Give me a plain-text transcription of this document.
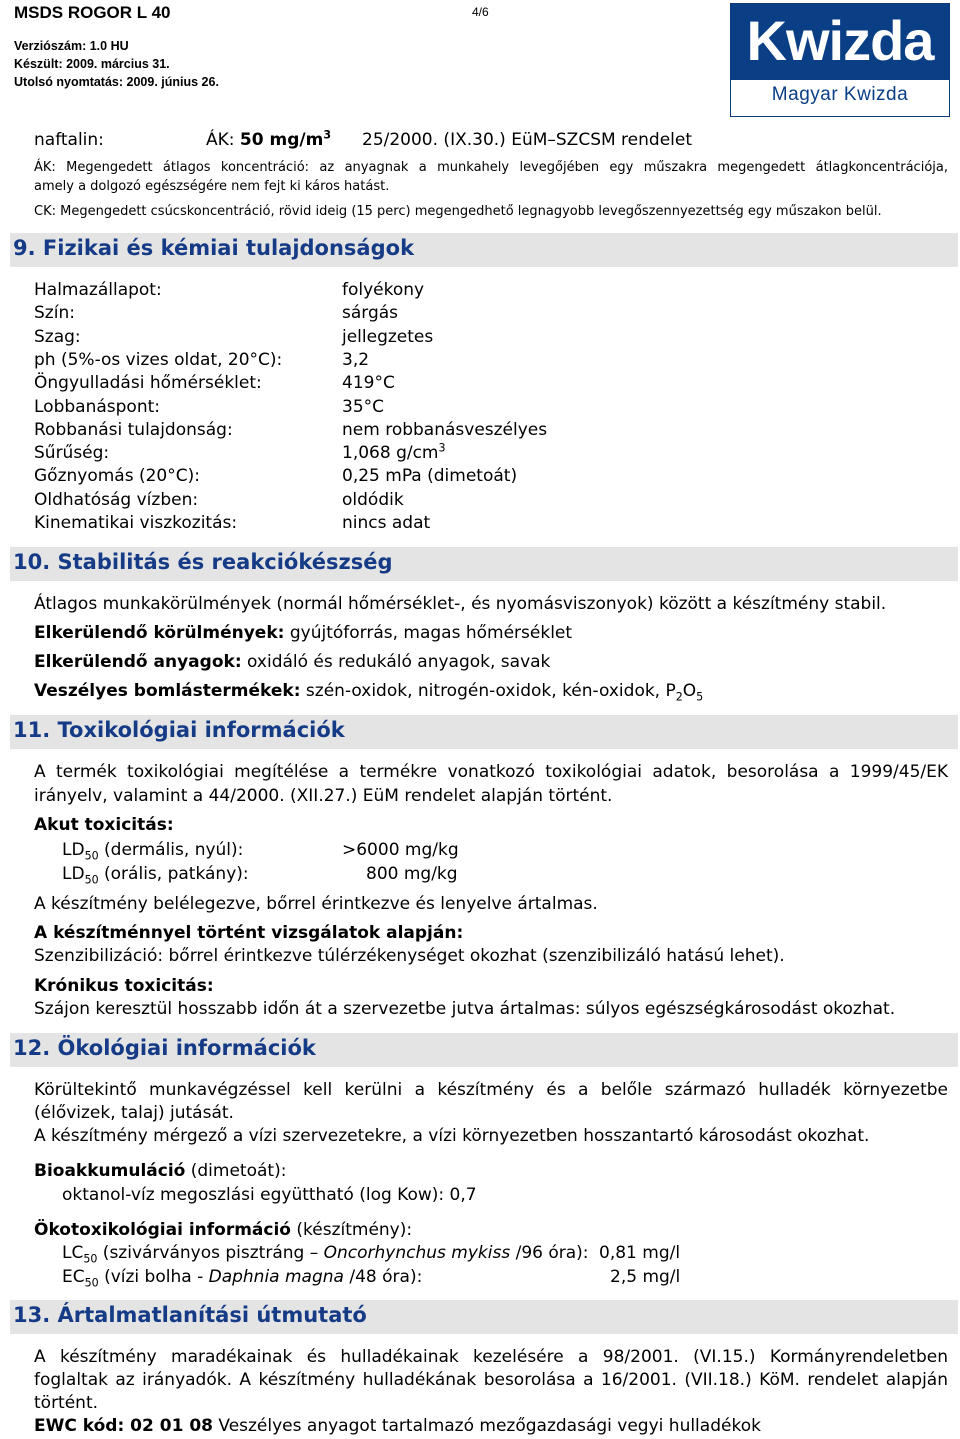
MSDS ROGOR L 40	4/6
Verziószám: 1.0 HU
Készült: 2009. március 31.
Utolsó nyomtatás: 2009. június 26.
Kwizda
Magyar Kwizda
naftalin:	ÁK: 50 $mg/m^3$ 25/2000. (IX.30.) EüM–SZCSM rendelet
ÁK: Megengedett átlagos koncentráció: az anyagnak a munkahely levegőjében egy műszakra megengedett átlagkoncentrációja,
amely a dolgozó egészségére nem fejt ki káros hatást.
CK: Megengedett csúcskoncentráció, rövid ideig (15 perc) megengedhető legnagyobb levegőszennyezettség egy műszakon belül.
9. Fizikai és kémiai tulajdonságok
Halmazállapot:	folyékony
Szín:	sárgás
Szag:	jellegzetes
ph (5%-os vizes oldat, 20°C):	3,2
Öngyulladási hőmérséklet:	419°C
Lobbanáspont:	35°C
Robbanási tulajdonság:	nem robbanásveszélyes
Sűrűség:	1,068 $g/cm^3$
Gőznyomás (20°C):	0,25 mPa (dimetoát)
Oldhatóság vízben:	oldódik
Kinematikai viszkozitás:	nincs adat
10. Stabilitás és reakciókészség
Átlagos munkakörülmények (normál hőmérséklet-, és nyomásviszonyok) között a készítmény stabil.
Elkerülendő körülmények: gyújtóforrás, magas hőmérséklet
Elkerülendő anyagok: oxidáló és redukáló anyagok, savak
Veszélyes bomlástermékek: szén-oxidok, nitrogén-oxidok, kén-oxidok, $P_2O_5$
11. Toxikológiai információk
A termék toxikológiai megítélése a termékre vonatkozó toxikológiai adatok, besorolása a 1999/45/EK
irányelv, valamint a 44/2000. (XII.27.) EüM rendelet alapján történt.
Akut toxicitás:
$LD_{50}$ (dermális, nyúl):	>6000 mg/kg
$LD_{50}$ (orális, patkány):	800 mg/kg
A készítmény belélegezve, bőrrel érintkezve és lenyelve ártalmas.
A készítménnyel történt vizsgálatok alapján:
Szenzibilizáció: bőrrel érintkezve túlérzékenységet okozhat (szenzibilizáló hatású lehet).
Krónikus toxicitás:
Szájon keresztül hosszabb időn át a szervezetbe jutva ártalmas: súlyos egészségkárosodást okozhat.
12. Ökológiai információk
Körültekintő munkavégzéssel kell kerülni a készítmény és a belőle származó hulladék környezetbe
(élővizek, talaj) jutását.
A készítmény mérgező a vízi szervezetekre, a vízi környezetben hosszantartó károsodást okozhat.
Bioakkumuláció (dimetoát):
oktanol-víz megoszlási együttható (log Kow): 0,7
Ökotoxikológiai információ (készítmény):
$LC_{50}$ (szivárványos pisztráng – Oncorhynchus mykiss /96 óra): 0,81 mg/l
$EC_{50}$ (vízi bolha - Daphnia magna /48 óra):	2,5 mg/l
13. Ártalmatlanítási útmutató
A készítmény maradékainak és hulladékainak kezelésére a 98/2001. (VI.15.) Kormányrendeletben
foglaltak az irányadók. A készítmény hulladékának besorolása a 16/2001. (VII.18.) KöM. rendelet alapján
történt.
EWC kód: 02 01 08 Veszélyes anyagot tartalmazó mezőgazdasági vegyi hulladékok
